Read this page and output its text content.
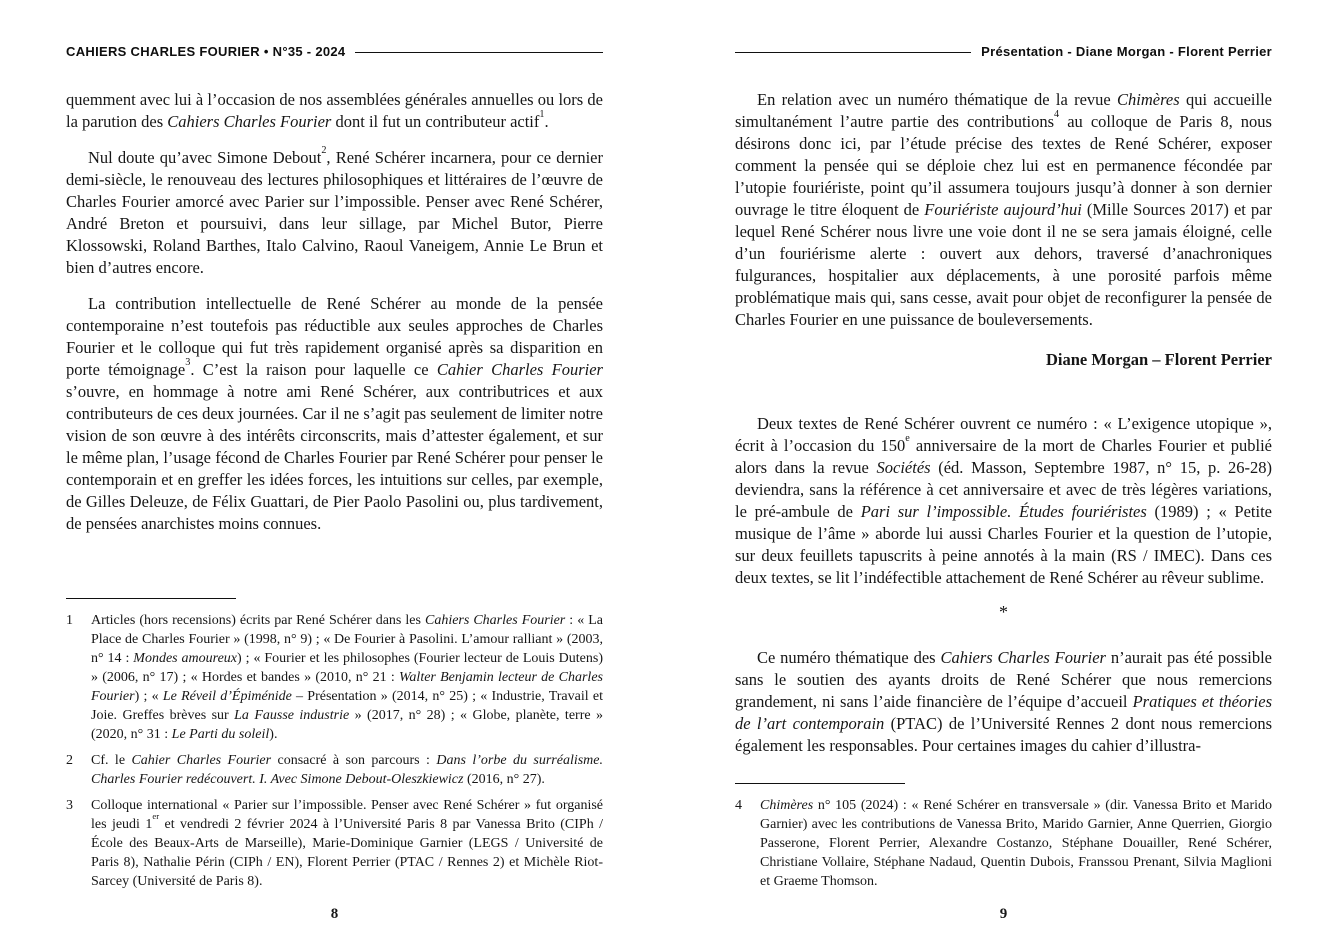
CAHIERS CHARLES FOURIER • N°35 - 2024

quemment avec lui à l’occasion de nos assemblées générales annuelles ou lors de la parution des Cahiers Charles Fourier dont il fut un contributeur actif$^1$.

Nul doute qu’avec Simone Debout$^2$, René Schérer incarnera, pour ce dernier demi-siècle, le renouveau des lectures philosophiques et littéraires de l’œuvre de Charles Fourier amorcé avec Parier sur l’impossible. Penser avec René Schérer, André Breton et poursuivi, dans leur sillage, par Michel Butor, Pierre Klossowski, Roland Barthes, Italo Calvino, Raoul Vaneigem, Annie Le Brun et bien d’autres encore.

La contribution intellectuelle de René Schérer au monde de la pensée contemporaine n’est toutefois pas réductible aux seules approches de Charles Fourier et le colloque qui fut très rapidement organisé après sa disparition en porte témoignage$^3$. C’est la raison pour laquelle ce Cahier Charles Fourier s’ouvre, en hommage à notre ami René Schérer, aux contributrices et aux contributeurs de ces deux journées. Car il ne s’agit pas seulement de limiter notre vision de son œuvre à des intérêts circonscrits, mais d’attester également, et sur le même plan, l’usage fécond de Charles Fourier par René Schérer pour penser le contemporain et en greffer les idées forces, les intuitions sur celles, par exemple, de Gilles Deleuze, de Félix Guattari, de Pier Paolo Pasolini ou, plus tardivement, de pensées anarchistes moins connues.

1 Articles (hors recensions) écrits par René Schérer dans les Cahiers Charles Fourier : « La Place de Charles Fourier » (1998, n° 9) ; « De Fourier à Pasolini. L’amour ralliant » (2003, n° 14 : Mondes amoureux) ; « Fourier et les philosophes (Fourier lecteur de Louis Dutens) » (2006, n° 17) ; « Hordes et bandes » (2010, n° 21 : Walter Benjamin lecteur de Charles Fourier) ; « Le Réveil d’Épiménide – Présentation » (2014, n° 25) ; « Industrie, Travail et Joie. Greffes brèves sur La Fausse industrie » (2017, n° 28) ; « Globe, planète, terre » (2020, n° 31 : Le Parti du soleil).
2 Cf. le Cahier Charles Fourier consacré à son parcours : Dans l’orbe du surréalisme. Charles Fourier redécouvert. I. Avec Simone Debout-Oleszkiewicz (2016, n° 27).
3 Colloque international « Parier sur l’impossible. Penser avec René Schérer » fut organisé les jeudi 1er et vendredi 2 février 2024 à l’Université Paris 8 par Vanessa Brito (CIPh / École des Beaux-Arts de Marseille), Marie-Dominique Garnier (LEGS / Université de Paris 8), Nathalie Périn (CIPh / EN), Florent Perrier (PTAC / Rennes 2) et Michèle Riot-Sarcey (Université de Paris 8).
8
Présentation - Diane Morgan - Florent Perrier

En relation avec un numéro thématique de la revue Chimères qui accueille simultanément l’autre partie des contributions$^4$ au colloque de Paris 8, nous désirons donc ici, par l’étude précise des textes de René Schérer, exposer comment la pensée qui se déploie chez lui est en permanence fécondée par l’utopie fouriériste, point qu’il assumera toujours jusqu’à donner à son dernier ouvrage le titre éloquent de Fouriériste aujourd’hui (Mille Sources 2017) et par lequel René Schérer nous livre une voie dont il ne se sera jamais éloigné, celle d’un fouriérisme alerte : ouvert aux dehors, traversé d’anachroniques fulgurances, hospitalier aux déplacements, à une porosité parfois même problématique mais qui, sans cesse, avait pour objet de reconfigurer la pensée de Charles Fourier en une puissance de bouleversements.

Diane Morgan – Florent Perrier

Deux textes de René Schérer ouvrent ce numéro : « L’exigence utopique », écrit à l’occasion du 150e anniversaire de la mort de Charles Fourier et publié alors dans la revue Sociétés (éd. Masson, Septembre 1987, n° 15, p. 26-28) deviendra, sans la référence à cet anniversaire et avec de très légères variations, le pré-ambule de Pari sur l’impossible. Études fouriéristes (1989) ; « Petite musique de l’âme » aborde lui aussi Charles Fourier et la question de l’utopie, sur deux feuillets tapuscrits à peine annotés à la main (RS / IMEC). Dans ces deux textes, se lit l’indéfectible attachement de René Schérer au rêveur sublime.

*

Ce numéro thématique des Cahiers Charles Fourier n’aurait pas été possible sans le soutien des ayants droits de René Schérer que nous remercions grandement, ni sans l’aide financière de l’équipe d’accueil Pratiques et théories de l’art contemporain (PTAC) de l’Université Rennes 2 dont nous remercions également les responsables. Pour certaines images du cahier d’illustra-

4 Chimères n° 105 (2024) : « René Schérer en transversale » (dir. Vanessa Brito et Marido Garnier) avec les contributions de Vanessa Brito, Marido Garnier, Anne Querrien, Giorgio Passerone, Florent Perrier, Alexandre Costanzo, Stéphane Douailler, René Schérer, Christiane Vollaire, Stéphane Nadaud, Quentin Dubois, Franssou Prenant, Silvia Maglioni et Graeme Thomson.
9
